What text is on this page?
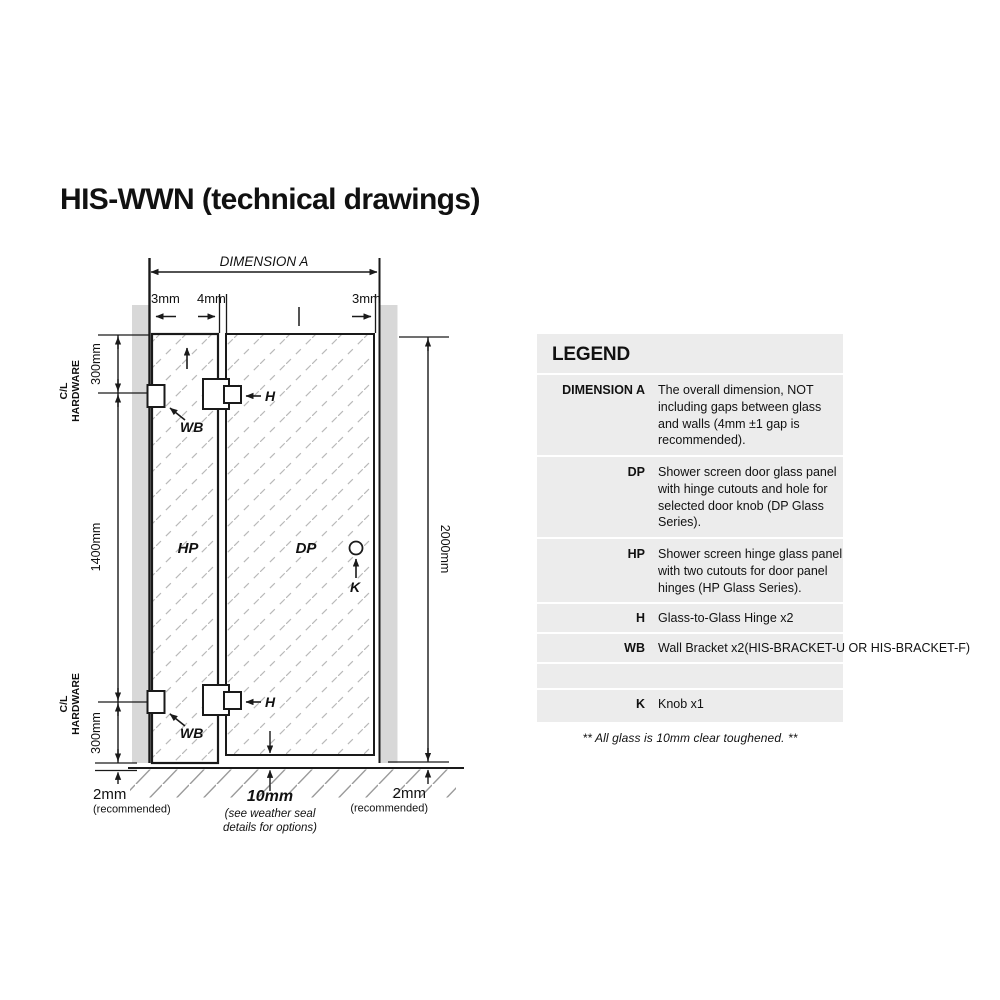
HIS-WWN (technical drawings)
HP	DP
DIMENSION A
3mm 4mm	3mm
C/L HARDWARE 300mm
1400mm
C/L HARDWARE 300mm
2000mm
WB
WB
H
H
K
2mm
(recommended)
10mm
(see weather seal
details for options)
2mm
(recommended)
LEGEND
DIMENSION A The overall dimension, NOT including gaps between glass and walls (4mm ±1 gap is recommended).
DP Shower screen door glass panel with hinge cutouts and hole for selected door knob (DP Glass Series).
HP Shower screen hinge glass panel with two cutouts for door panel hinges (HP Glass Series).
H Glass-to-Glass Hinge x2
WB Wall Bracket x2(HIS-BRACKET-U OR HIS-BRACKET-F)
K Knob x1
** All glass is 10mm clear toughened. **
